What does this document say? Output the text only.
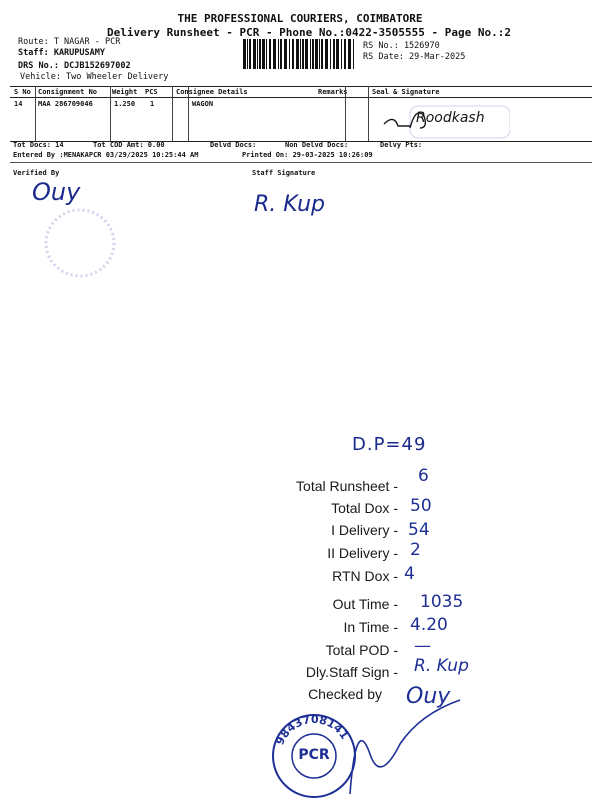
THE PROFESSIONAL COURIERS, COIMBATORE
Delivery Runsheet - PCR - Phone No.:0422-3505555 - Page No.:2
Route: T NAGAR - PCR
Staff: KARUPUSAMY
DRS No.: DCJB152697002
Vehicle: Two Wheeler Delivery
RS No.: 1526970
RS Date: 29-Mar-2025
S No Consignment No Weight PCS	Consignee Details	Remarks	Seal & Signature
14 MAA 286709046	1.250 1	WAGON
Roodkash
Tot Docs: 14	Tot COD Amt: 0.00	Delvd Docs:	Non Delvd Docs:	Delvy Pts:
Entered By :MENAKAPCR 03/29/2025 10:25:44 AM	Printed On: 29-03-2025 10:26:09
Verified By	Staff Signature
Ouy	R. Kup
D.P=49
Total Runsheet - 6
Total Dox - 50
I Delivery - 54
II Delivery - 2
RTN Dox - 4
Out Time - 1035
In Time - 4.20
Total POD - —
Dly.Staff Sign - R. Kup
Checked by Ouy
9843708141
PCR
